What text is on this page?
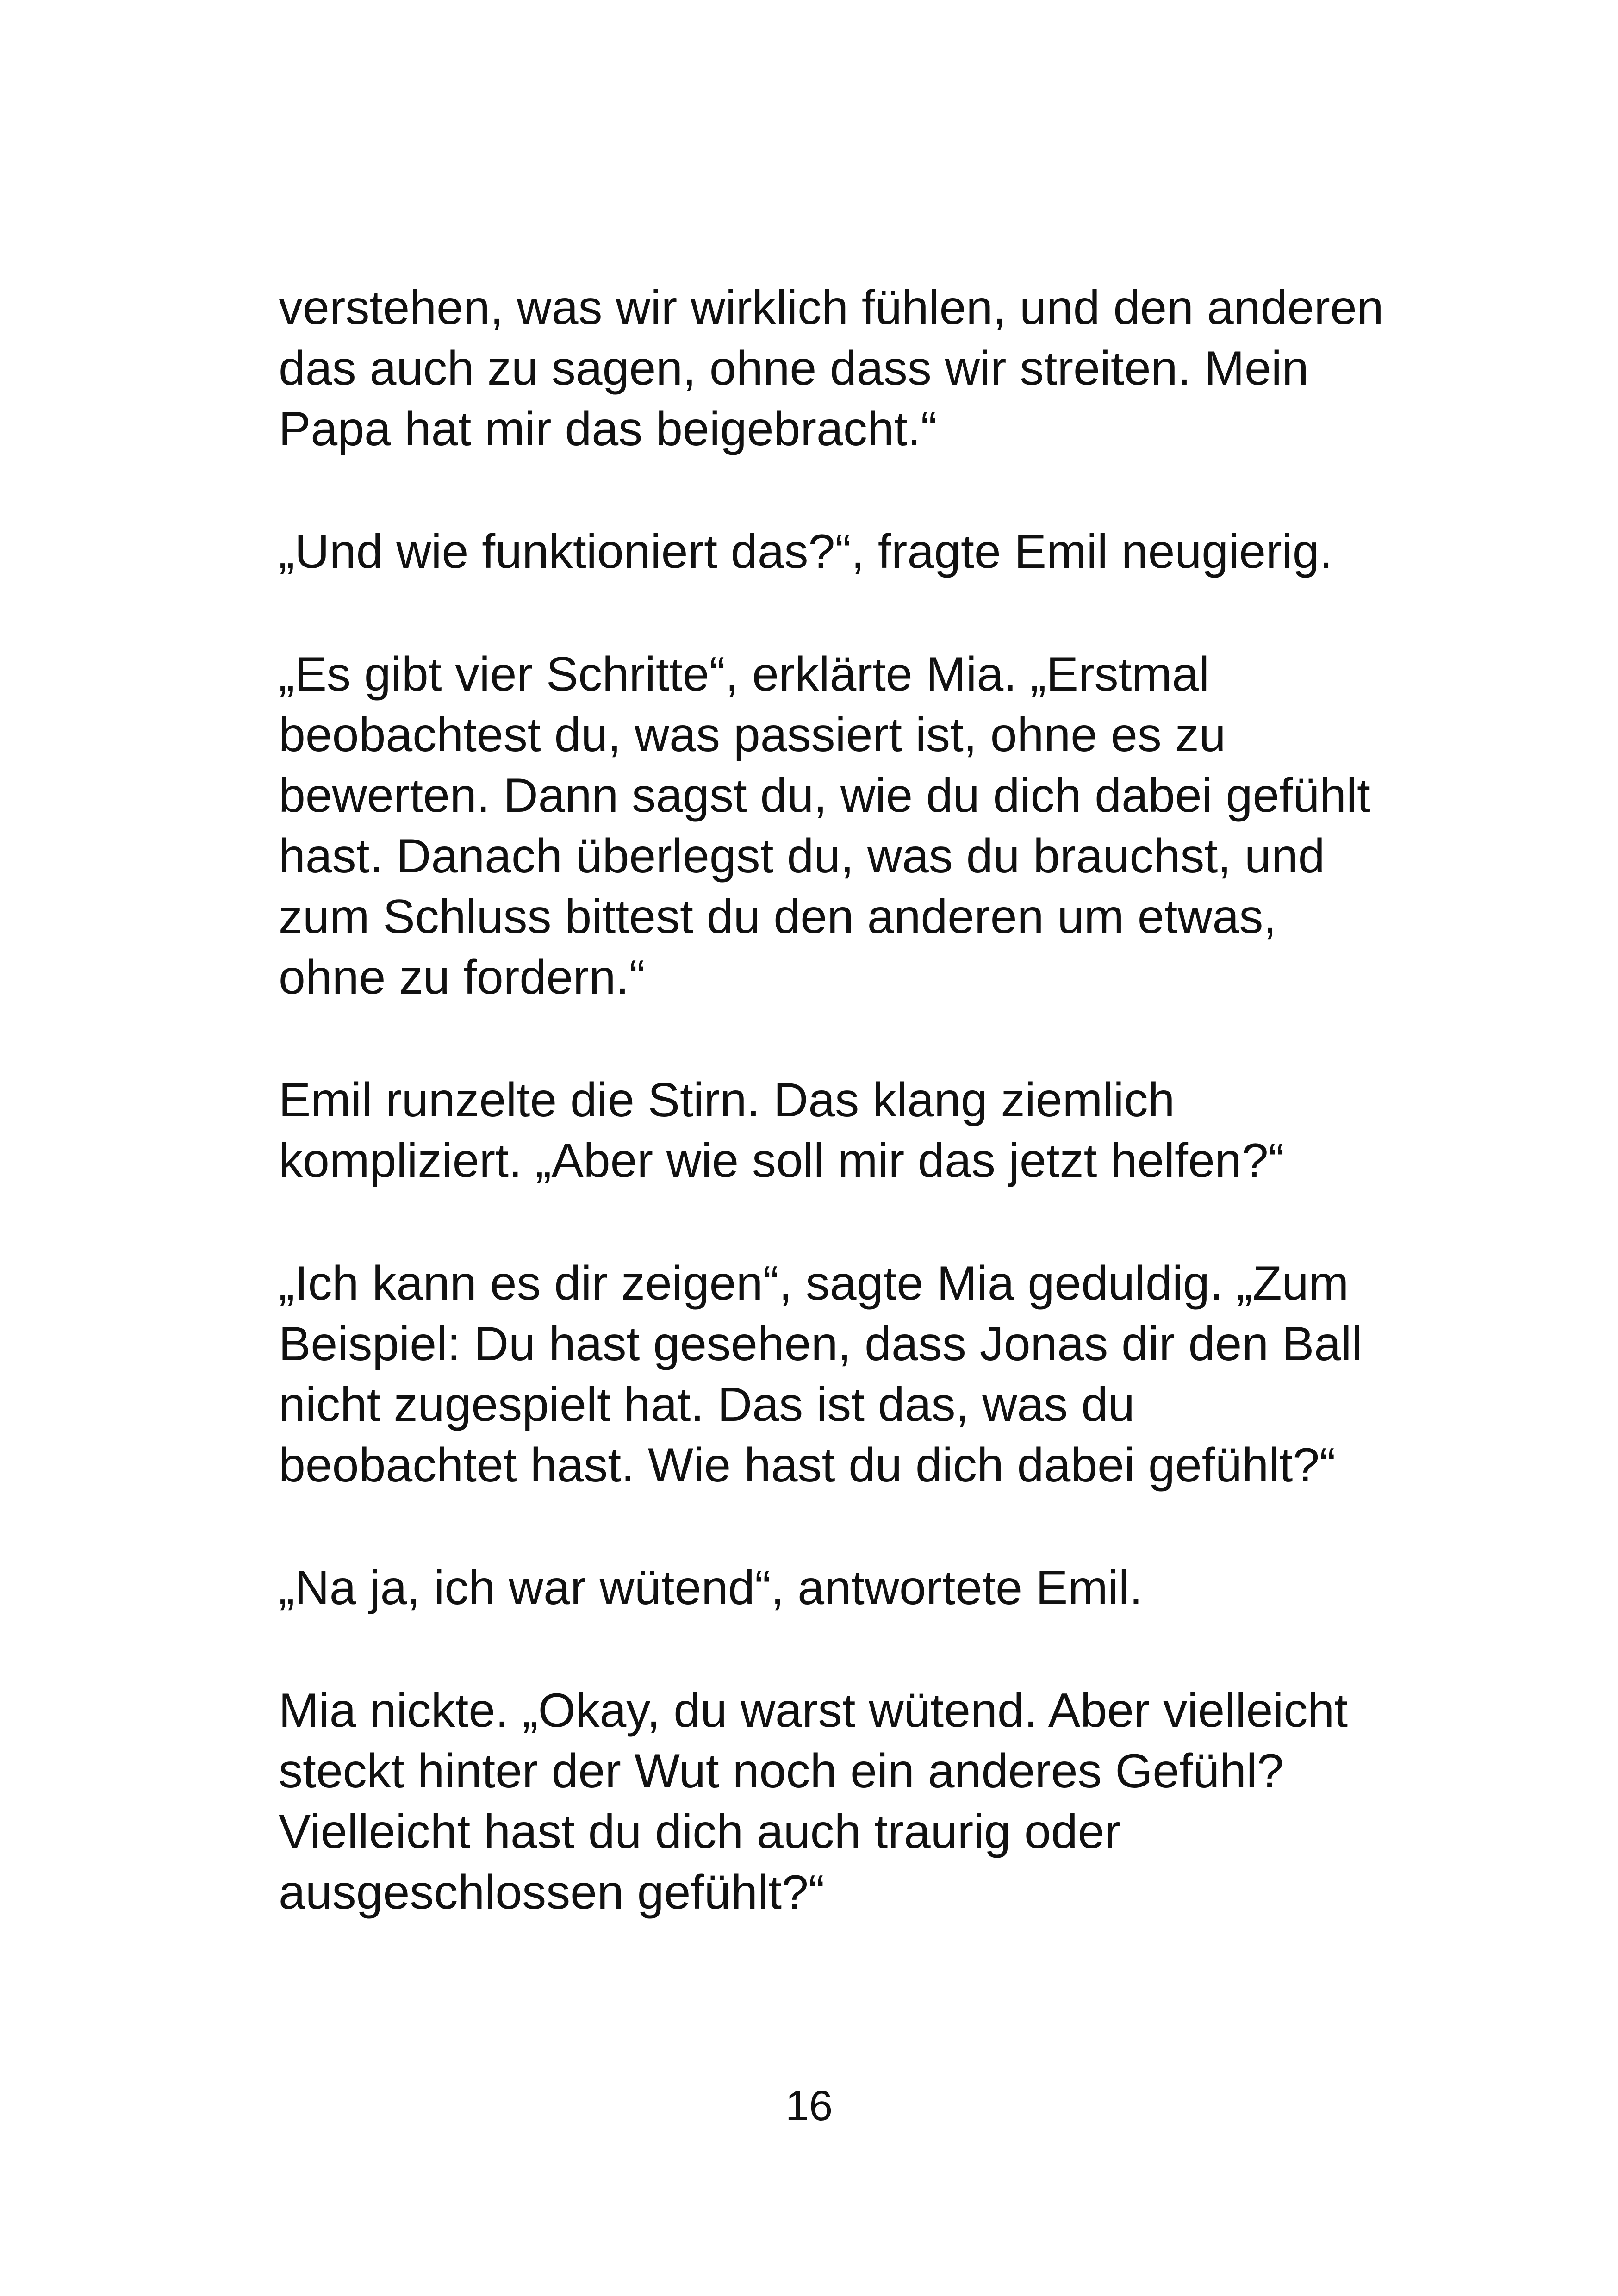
verstehen, was wir wirklich fühlen, und den anderen
das auch zu sagen, ohne dass wir streiten. Mein
Papa hat mir das beigebracht.“

„Und wie funktioniert das?“, fragte Emil neugierig.

„Es gibt vier Schritte“, erklärte Mia. „Erstmal
beobachtest du, was passiert ist, ohne es zu
bewerten. Dann sagst du, wie du dich dabei gefühlt
hast. Danach überlegst du, was du brauchst, und
zum Schluss bittest du den anderen um etwas,
ohne zu fordern.“

Emil runzelte die Stirn. Das klang ziemlich
kompliziert. „Aber wie soll mir das jetzt helfen?“

„Ich kann es dir zeigen“, sagte Mia geduldig. „Zum
Beispiel: Du hast gesehen, dass Jonas dir den Ball
nicht zugespielt hat. Das ist das, was du
beobachtet hast. Wie hast du dich dabei gefühlt?“

„Na ja, ich war wütend“, antwortete Emil.

Mia nickte. „Okay, du warst wütend. Aber vielleicht
steckt hinter der Wut noch ein anderes Gefühl?
Vielleicht hast du dich auch traurig oder
ausgeschlossen gefühlt?“

16
